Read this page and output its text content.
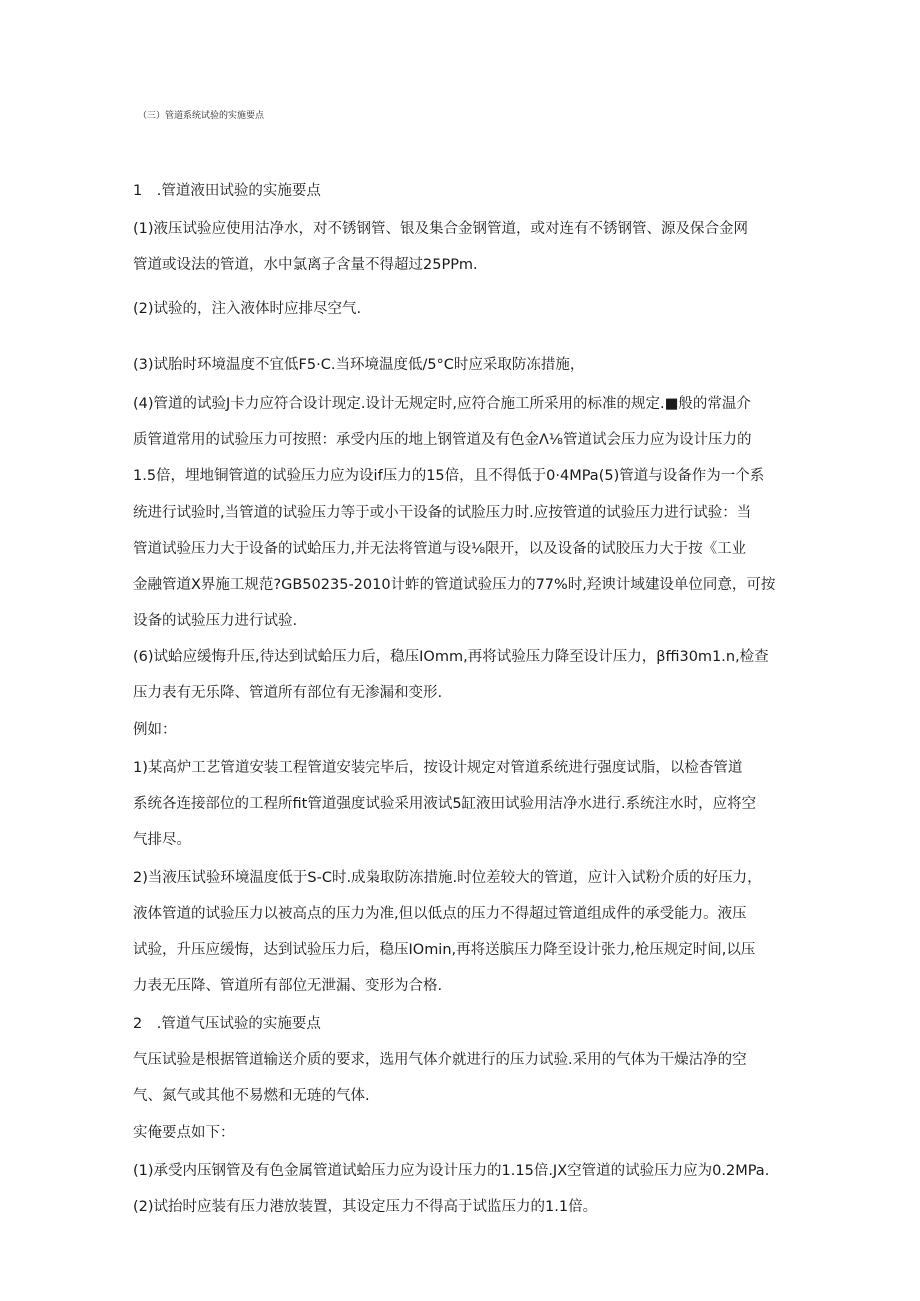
（三）管道系统试验的实施要点
1　.管道液田试验的实施要点
(1)液压试验应使用沽净水，对不锈钢管、银及集合金钢管道，或对连有不锈钢管、源及保合金网
管道或设法的管道，水中氯离子含量不得超过25PPm.
(2)试验的，注入液体时应排尽空气.
(3)试胎时环境温度不宜低F5·C.当环境温度低/5°C时应采取防冻措施，
(4)管道的试验J卡力应符合设计现定.设计无规定时,应符合施工所采用的标准的规定.■般的常温介
质管道常用的试验压力可按照：承受内压的地上钢管道及有色金Λ⅛管道试会压力应为设计压力的
1.5倍，埋地铜管道的试验压力应为设if压力的15倍，且不得低于0·4MPa(5)管道与设备作为一个系
统进行试验时,当管道的试验压力等于或小干设备的试脸压力时.应按管道的试验压力进行试验：当
管道试验压力大于设备的试蛤压力,并无法将管道与设⅛限开，以及设备的试胶压力大于按《工业
金融管道X界施工规范?GB50235-2010计蚱的管道试验压力的77%时,羟谀计域建设单位同意，可按
设备的试验压力进行试验.
(6)试蛤应缓悔升压,待达到试蛤压力后，稳压IOmm,再将试验压力降至设计压力，βffi30m1.n,检查
压力表有无乐降、管道所有部位有无渗漏和变形.
例如：
1)某高炉工艺管道安装工程管道安装完毕后，按设计规定对管道系统进行强度试脂，以检杳管道
系统各连接部位的工程所fit管道强度试验采用液试5缸液田试验用洁净水进行.系统注水时，应将空
气排尽。
2)当液压试验环境温度低于S-C时.成枭取防冻措施.时位差较大的管道，应计入试粉介质的好压力，
液体管道的试验压力以被高点的压力为准,但以低点的压力不得超过管道组成件的承受能力。液压
试验，升压应缓悔，达到试验压力后，稳压IOmin,再将送膑压力降至设计张力,枪压规定时间,以压
力表无压降、管道所有部位无泄漏、变形为合格.
2　.管道气压试验的实施要点
气压试验是根据管道输送介质的要求，选用气体介就进行的压力试验.采用的气体为干燥沽净的空
气、氮气或其他不易燃和无琏的气体.
实俺要点如下：
(1)承受内压钢管及有色金属管道试蛤压力应为设计压力的1.15倍.JX空管道的试验压力应为0.2MPa.
(2)试抬时应装有压力港放装置，其设定压力不得高于试监压力的1.1倍。
